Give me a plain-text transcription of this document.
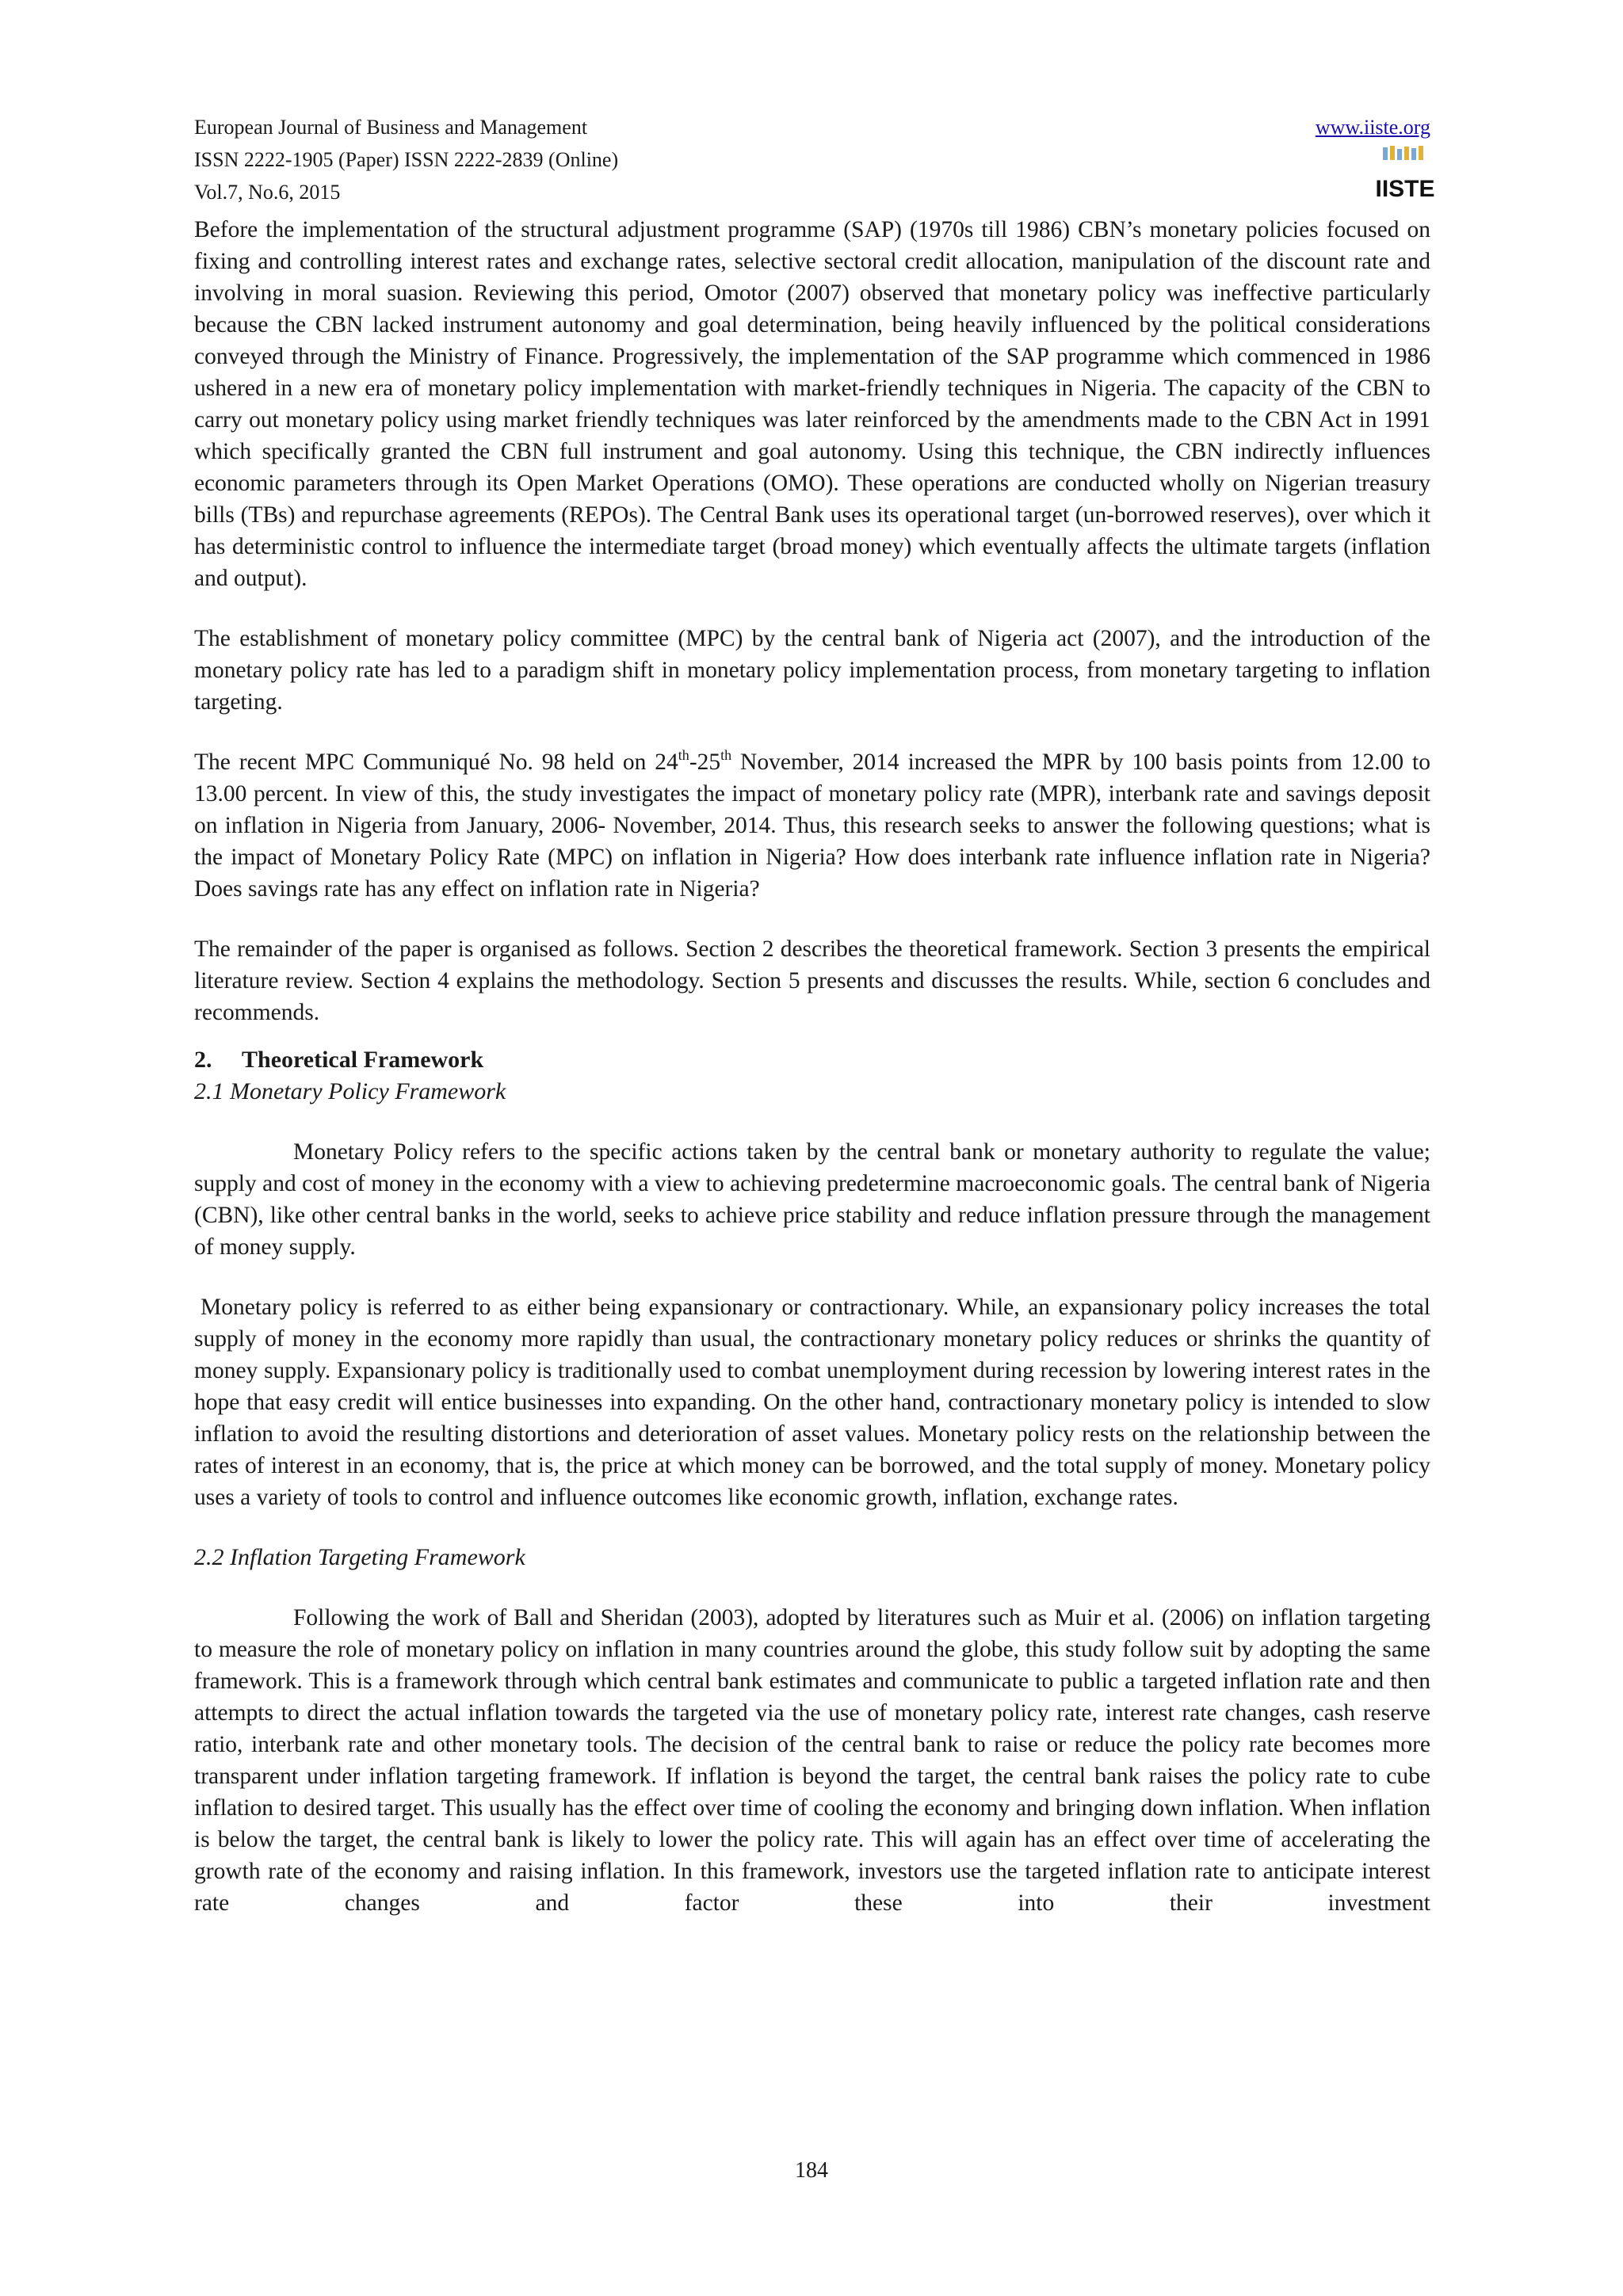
European Journal of Business and Management
ISSN 2222-1905 (Paper) ISSN 2222-2839 (Online)
Vol.7, No.6, 2015
www.iiste.org
IISTE

Before the implementation of the structural adjustment programme (SAP) (1970s till 1986) CBN’s monetary policies focused on fixing and controlling interest rates and exchange rates, selective sectoral credit allocation, manipulation of the discount rate and involving in moral suasion. Reviewing this period, Omotor (2007) observed that monetary policy was ineffective particularly because the CBN lacked instrument autonomy and goal determination, being heavily influenced by the political considerations conveyed through the Ministry of Finance. Progressively, the implementation of the SAP programme which commenced in 1986 ushered in a new era of monetary policy implementation with market-friendly techniques in Nigeria. The capacity of the CBN to carry out monetary policy using market friendly techniques was later reinforced by the amendments made to the CBN Act in 1991 which specifically granted the CBN full instrument and goal autonomy. Using this technique, the CBN indirectly influences economic parameters through its Open Market Operations (OMO). These operations are conducted wholly on Nigerian treasury bills (TBs) and repurchase agreements (REPOs). The Central Bank uses its operational target (un-borrowed reserves), over which it has deterministic control to influence the intermediate target (broad money) which eventually affects the ultimate targets (inflation and output).

The establishment of monetary policy committee (MPC) by the central bank of Nigeria act (2007), and the introduction of the monetary policy rate has led to a paradigm shift in monetary policy implementation process, from monetary targeting to inflation targeting.

The recent MPC Communiqué No. 98 held on 24th-25th November, 2014 increased the MPR by 100 basis points from 12.00 to 13.00 percent. In view of this, the study investigates the impact of monetary policy rate (MPR), interbank rate and savings deposit on inflation in Nigeria from January, 2006- November, 2014. Thus, this research seeks to answer the following questions; what is the impact of Monetary Policy Rate (MPC) on inflation in Nigeria? How does interbank rate influence inflation rate in Nigeria? Does savings rate has any effect on inflation rate in Nigeria?

The remainder of the paper is organised as follows. Section 2 describes the theoretical framework. Section 3 presents the empirical literature review. Section 4 explains the methodology. Section 5 presents and discusses the results. While, section 6 concludes and recommends.

2. Theoretical Framework
2.1 Monetary Policy Framework

Monetary Policy refers to the specific actions taken by the central bank or monetary authority to regulate the value; supply and cost of money in the economy with a view to achieving predetermine macroeconomic goals. The central bank of Nigeria (CBN), like other central banks in the world, seeks to achieve price stability and reduce inflation pressure through the management of money supply.

Monetary policy is referred to as either being expansionary or contractionary. While, an expansionary policy increases the total supply of money in the economy more rapidly than usual, the contractionary monetary policy reduces or shrinks the quantity of money supply. Expansionary policy is traditionally used to combat unemployment during recession by lowering interest rates in the hope that easy credit will entice businesses into expanding. On the other hand, contractionary monetary policy is intended to slow inflation to avoid the resulting distortions and deterioration of asset values. Monetary policy rests on the relationship between the rates of interest in an economy, that is, the price at which money can be borrowed, and the total supply of money. Monetary policy uses a variety of tools to control and influence outcomes like economic growth, inflation, exchange rates.

2.2 Inflation Targeting Framework

Following the work of Ball and Sheridan (2003), adopted by literatures such as Muir et al. (2006) on inflation targeting to measure the role of monetary policy on inflation in many countries around the globe, this study follow suit by adopting the same framework. This is a framework through which central bank estimates and communicate to public a targeted inflation rate and then attempts to direct the actual inflation towards the targeted via the use of monetary policy rate, interest rate changes, cash reserve ratio, interbank rate and other monetary tools. The decision of the central bank to raise or reduce the policy rate becomes more transparent under inflation targeting framework. If inflation is beyond the target, the central bank raises the policy rate to cube inflation to desired target. This usually has the effect over time of cooling the economy and bringing down inflation. When inflation is below the target, the central bank is likely to lower the policy rate. This will again has an effect over time of accelerating the growth rate of the economy and raising inflation. In this framework, investors use the targeted inflation rate to anticipate interest rate changes and factor these into their investment

184
